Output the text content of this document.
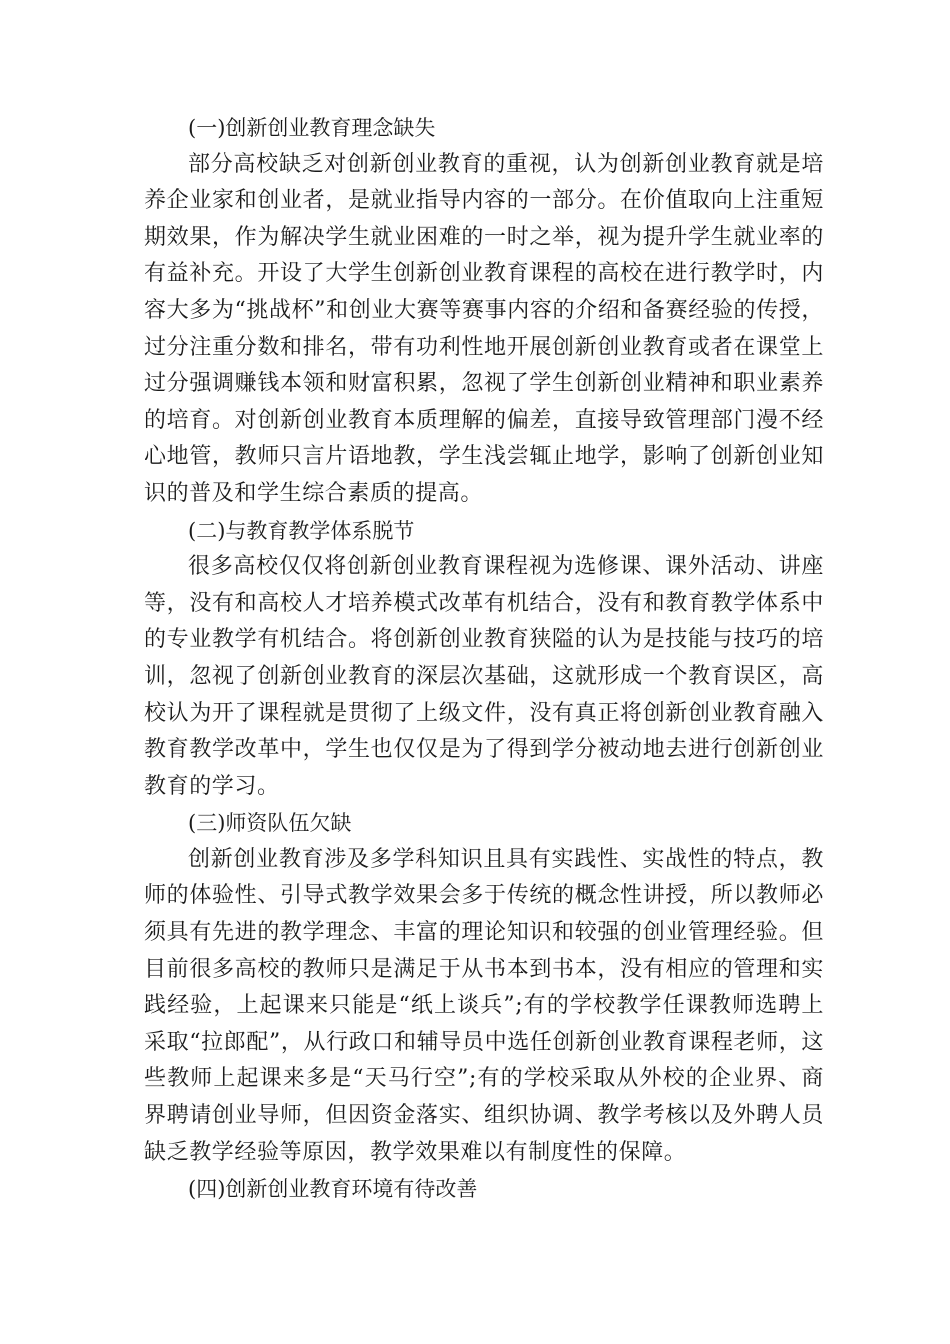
(一)创新创业教育理念缺失

部分高校缺乏对创新创业教育的重视，认为创新创业教育就是培养企业家和创业者，是就业指导内容的一部分。在价值取向上注重短期效果，作为解决学生就业困难的一时之举，视为提升学生就业率的有益补充。开设了大学生创新创业教育课程的高校在进行教学时，内容大多为“挑战杯”和创业大赛等赛事内容的介绍和备赛经验的传授，过分注重分数和排名，带有功利性地开展创新创业教育或者在课堂上过分强调赚钱本领和财富积累，忽视了学生创新创业精神和职业素养的培育。对创新创业教育本质理解的偏差，直接导致管理部门漫不经心地管，教师只言片语地教，学生浅尝辄止地学，影响了创新创业知识的普及和学生综合素质的提高。

(二)与教育教学体系脱节

很多高校仅仅将创新创业教育课程视为选修课、课外活动、讲座等，没有和高校人才培养模式改革有机结合，没有和教育教学体系中的专业教学有机结合。将创新创业教育狭隘的认为是技能与技巧的培训，忽视了创新创业教育的深层次基础，这就形成一个教育误区，高校认为开了课程就是贯彻了上级文件，没有真正将创新创业教育融入教育教学改革中，学生也仅仅是为了得到学分被动地去进行创新创业教育的学习。

(三)师资队伍欠缺

创新创业教育涉及多学科知识且具有实践性、实战性的特点，教师的体验性、引导式教学效果会多于传统的概念性讲授，所以教师必须具有先进的教学理念、丰富的理论知识和较强的创业管理经验。但目前很多高校的教师只是满足于从书本到书本，没有相应的管理和实践经验，上起课来只能是“纸上谈兵”;有的学校教学任课教师选聘上采取“拉郎配”，从行政口和辅导员中选任创新创业教育课程老师，这些教师上起课来多是“天马行空”;有的学校采取从外校的企业界、商界聘请创业导师，但因资金落实、组织协调、教学考核以及外聘人员缺乏教学经验等原因，教学效果难以有制度性的保障。

(四)创新创业教育环境有待改善
